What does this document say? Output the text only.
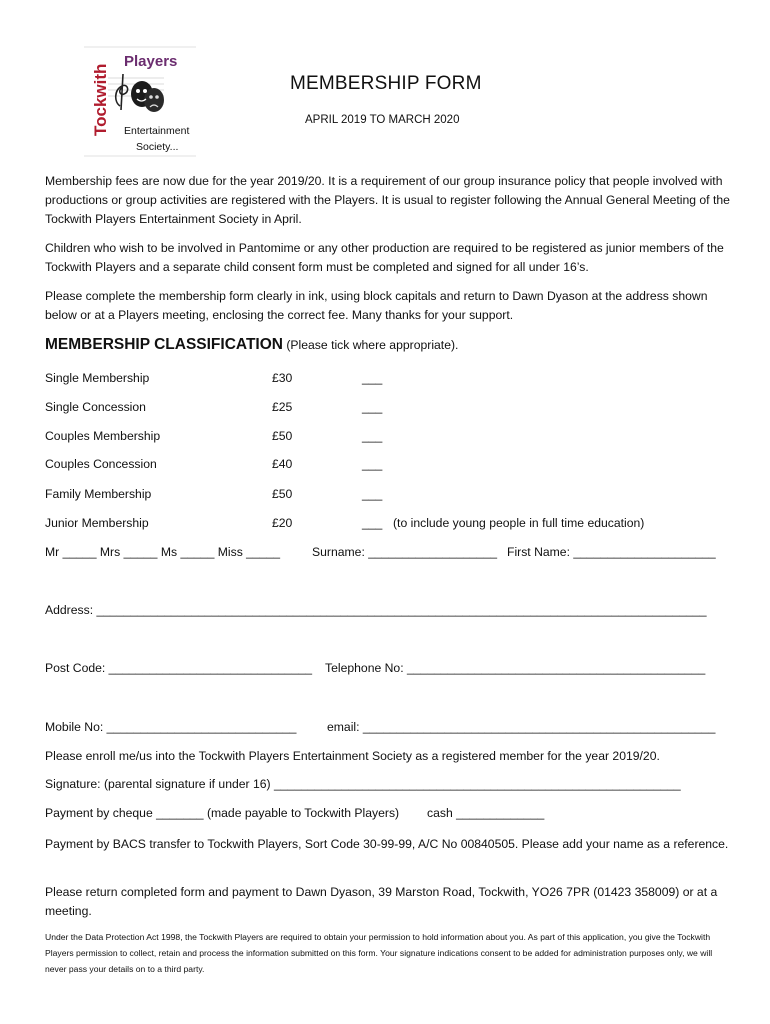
Players
Tockwith Entertainment
Society...
MEMBERSHIP FORM
APRIL 2019 TO MARCH 2020
Membership fees are now due for the year 2019/20. It is a requirement of our group insurance policy that people involved with productions or group activities are registered with the Players. It is usual to register following the Annual General Meeting of the Tockwith Players Entertainment Society in April.
Children who wish to be involved in Pantomime or any other production are required to be registered as junior members of the Tockwith Players and a separate child consent form must be completed and signed for all under 16’s.
Please complete the membership form clearly in ink, using block capitals and return to Dawn Dyason at the address shown below or at a Players meeting, enclosing the correct fee. Many thanks for your support.
MEMBERSHIP CLASSIFICATION (Please tick where appropriate).
Single Membership	£30	___
Single Concession	£25	___
Couples Membership	£50	___
Couples Concession	£40	___
Family Membership	£50	___
Junior Membership	£20	___ (to include young people in full time education)
Mr _____ Mrs _____ Ms _____ Miss _____	Surname: ___________________ First Name: _____________________
Address: __________________________________________________________________________________________
Post Code: ______________________________ Telephone No: ____________________________________________
Mobile No: ____________________________	email: ____________________________________________________
Please enroll me/us into the Tockwith Players Entertainment Society as a registered member for the year 2019/20.
Signature: (parental signature if under 16) ____________________________________________________________
Payment by cheque _______ (made payable to Tockwith Players) cash _____________
Payment by BACS transfer to Tockwith Players, Sort Code 30-99-99, A/C No 00840505. Please add your name as a reference.
Please return completed form and payment to Dawn Dyason, 39 Marston Road, Tockwith, YO26 7PR (01423 358009) or at a meeting.
Under the Data Protection Act 1998, the Tockwith Players are required to obtain your permission to hold information about you. As part of this application, you give the Tockwith Players permission to collect, retain and process the information submitted on this form. Your signature indications consent to be added for administration purposes only, we will never pass your details on to a third party.
